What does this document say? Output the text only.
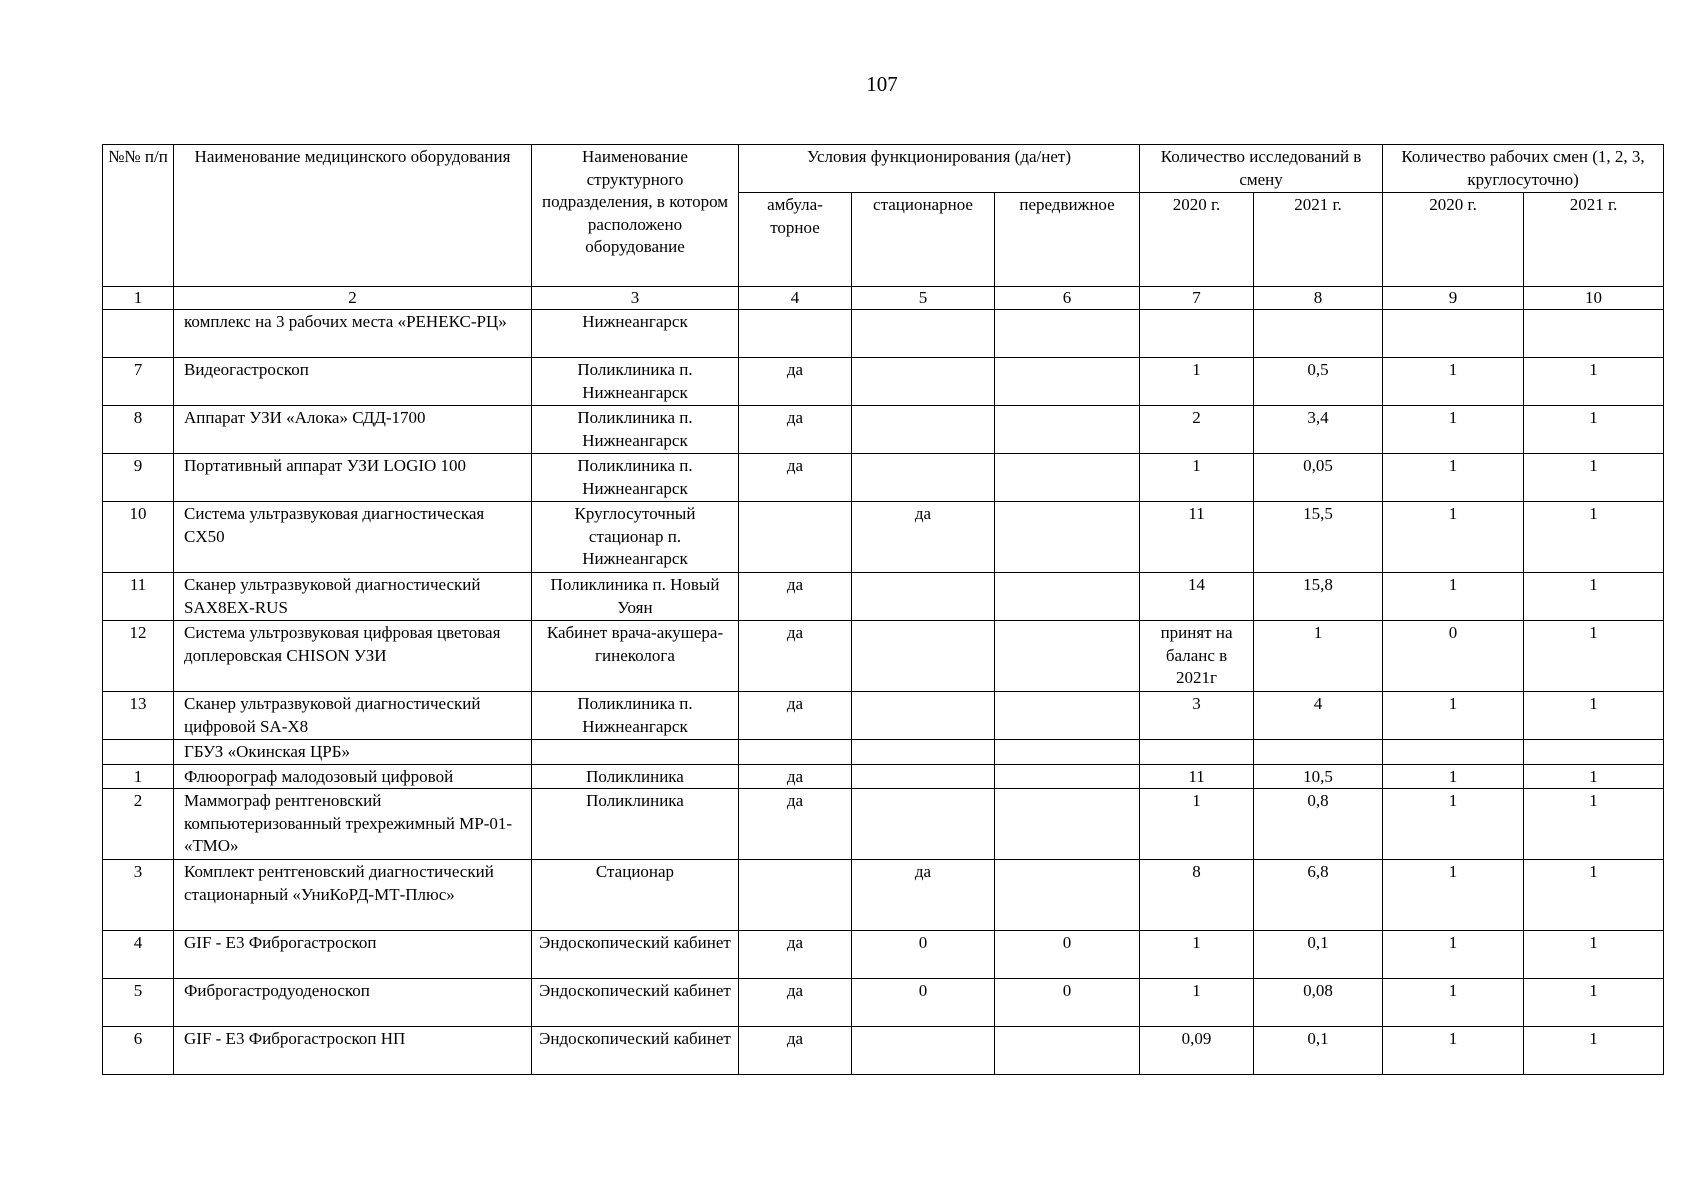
107
№№ п/п	Наименование медицинского оборудования	Наименование структурного подразделения, в котором расположено оборудование	Условия функционирования (да/нет)			Количество исследований в смену		Количество рабочих смен (1, 2, 3, круглосуточно)	
			амбула-торное	стационарное	передвижное	2020 г.	2021 г.	2020 г.	2021 г.
1	2	3	4	5	6	7	8	9	10
	комплекс на 3 рабочих места «РЕНЕКС-РЦ»	Нижнеангарск							
7	Видеогастроскоп	Поликлиника п. Нижнеангарск	да			1	0,5	1	1
8	Аппарат УЗИ «Алока» СДД-1700	Поликлиника п. Нижнеангарск	да			2	3,4	1	1
9	Портативный аппарат УЗИ LOGIO 100	Поликлиника п. Нижнеангарск	да			1	0,05	1	1
10	Система ультразвуковая диагностическая CX50	Круглосуточный стационар п. Нижнеангарск		да		11	15,5	1	1
11	Сканер ультразвуковой диагностический SAX8EX-RUS	Поликлиника п. Новый Уоян	да			14	15,8	1	1
12	Система ультрозвуковая цифровая цветовая доплеровская CHISON УЗИ	Кабинет врача-акушера-гинеколога	да			принят на баланс в 2021г	1	0	1
13	Сканер ультразвуковой диагностический цифровой SA-X8	Поликлиника п. Нижнеангарск	да			3	4	1	1
	ГБУЗ «Окинская ЦРБ»								
1	Флюорограф малодозовый цифровой	Поликлиника	да			11	10,5	1	1
2	Маммограф рентгеновский компьютеризованный трехрежимный МР-01- «ТМО»	Поликлиника	да			1	0,8	1	1
3	Комплект рентгеновский диагностический стационарный «УниКоРД-МТ-Плюс»	Стационар		да		8	6,8	1	1
4	GIF - E3 Фиброгастроскоп	Эндоскопический кабинет	да	0	0	1	0,1	1	1
5	Фиброгастродуоденоскоп	Эндоскопический кабинет	да	0	0	1	0,08	1	1
6	GIF - E3 Фиброгастроскоп НП	Эндоскопический кабинет	да			0,09	0,1	1	1
